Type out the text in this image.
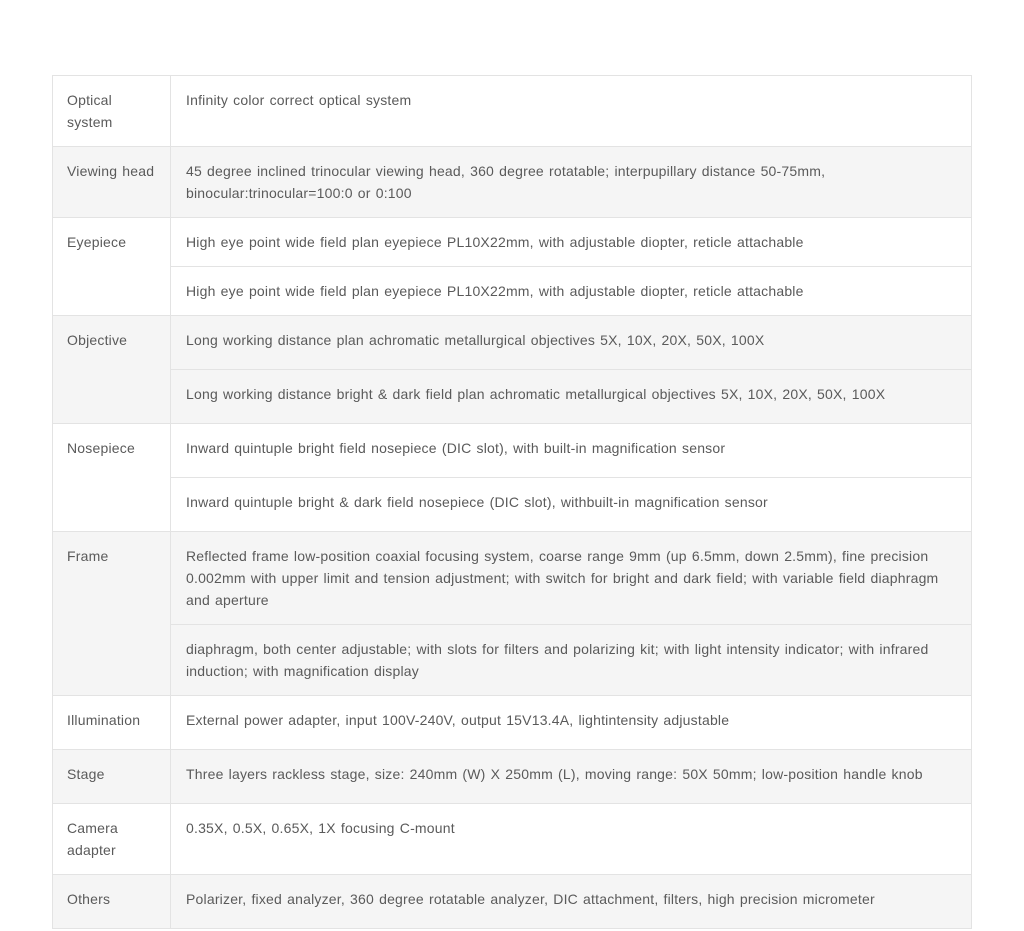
Optical system	Infinity color correct optical system
Viewing head	45 degree inclined trinocular viewing head, 360 degree rotatable; interpupillary distance 50-75mm, binocular:trinocular=100:0 or 0:100
Eyepiece	High eye point wide field plan eyepiece PL10X22mm, with adjustable diopter, reticle attachable
	High eye point wide field plan eyepiece PL10X22mm, with adjustable diopter, reticle attachable
Objective	Long working distance plan achromatic metallurgical objectives 5X, 10X, 20X, 50X, 100X
	Long working distance bright & dark field plan achromatic metallurgical objectives 5X, 10X, 20X, 50X, 100X
Nosepiece	Inward quintuple bright field nosepiece (DIC slot), with built-in magnification sensor
	Inward quintuple bright & dark field nosepiece (DIC slot), withbuilt-in magnification sensor
Frame	Reflected frame low-position coaxial focusing system, coarse range 9mm (up 6.5mm, down 2.5mm), fine precision 0.002mm with upper limit and tension adjustment; with switch for bright and dark field; with variable field diaphragm and aperture
	diaphragm, both center adjustable; with slots for filters and polarizing kit; with light intensity indicator; with infrared induction; with magnification display
Illumination	External power adapter, input 100V-240V, output 15V13.4A, lightintensity adjustable
Stage	Three layers rackless stage, size: 240mm (W) X 250mm (L), moving range: 50X 50mm; low-position handle knob
Camera adapter	0.35X, 0.5X, 0.65X, 1X focusing C-mount
Others	Polarizer, fixed analyzer, 360 degree rotatable analyzer, DIC attachment, filters, high precision micrometer
